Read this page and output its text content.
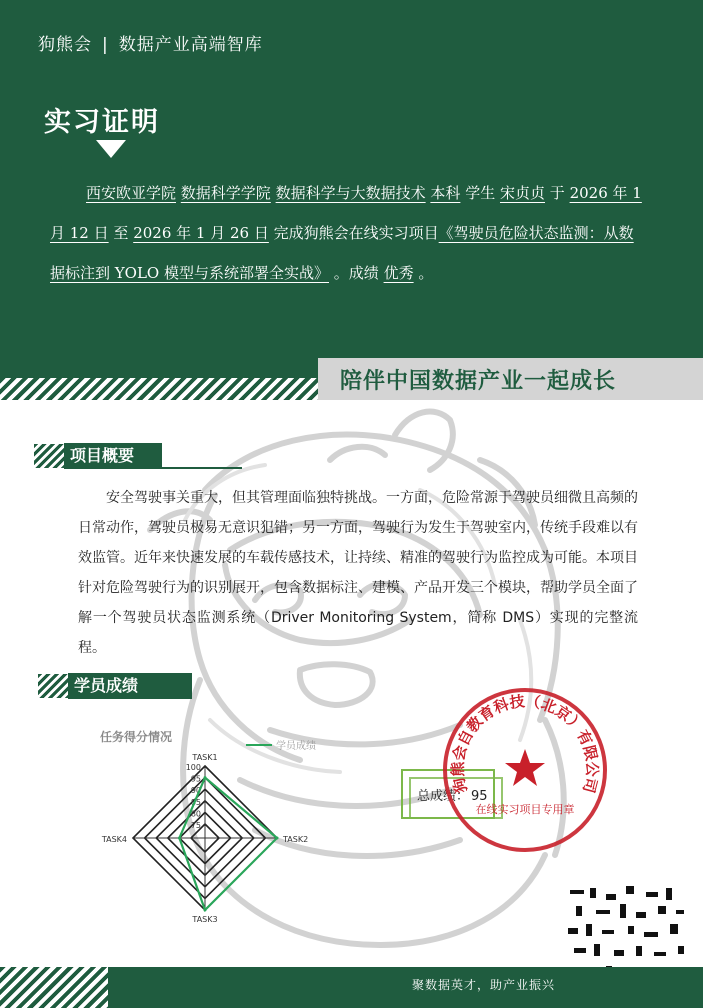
狗熊会 | 数据产业高端智库
实习证明
西安欧亚学院 数据科学学院 数据科学与大数据技术 本科 学生 宋贞贞 于 2026 年 1 月 12 日 至 2026 年 1 月 26 日 完成狗熊会在线实习项目《驾驶员危险状态监测：从数据标注到 YOLO 模型与系统部署全实战》 。成绩 优秀 。
陪伴中国数据产业一起成长
项目概要
安全驾驶事关重大，但其管理面临独特挑战。一方面，危险常源于驾驶员细微且高频的日常动作，驾驶员极易无意识犯错；另一方面，驾驶行为发生于驾驶室内，传统手段难以有效监管。近年来快速发展的车载传感技术，让持续、精准的驾驶行为监控成为可能。本项目针对危险驾驶行为的识别展开，包含数据标注、建模、产品开发三个模块，帮助学员全面了解一个驾驶员状态监测系统（Driver Monitoring System，简称 DMS）实现的完整流程。
学员成绩
任务得分情况
学员成绩
75
80
85
90
95
100
TASK1
TASK2
TASK3
TASK4
总成绩： 95
狗熊会自教育科技（北京）有限公司
在线实习项目专用章
聚数据英才，助产业振兴
